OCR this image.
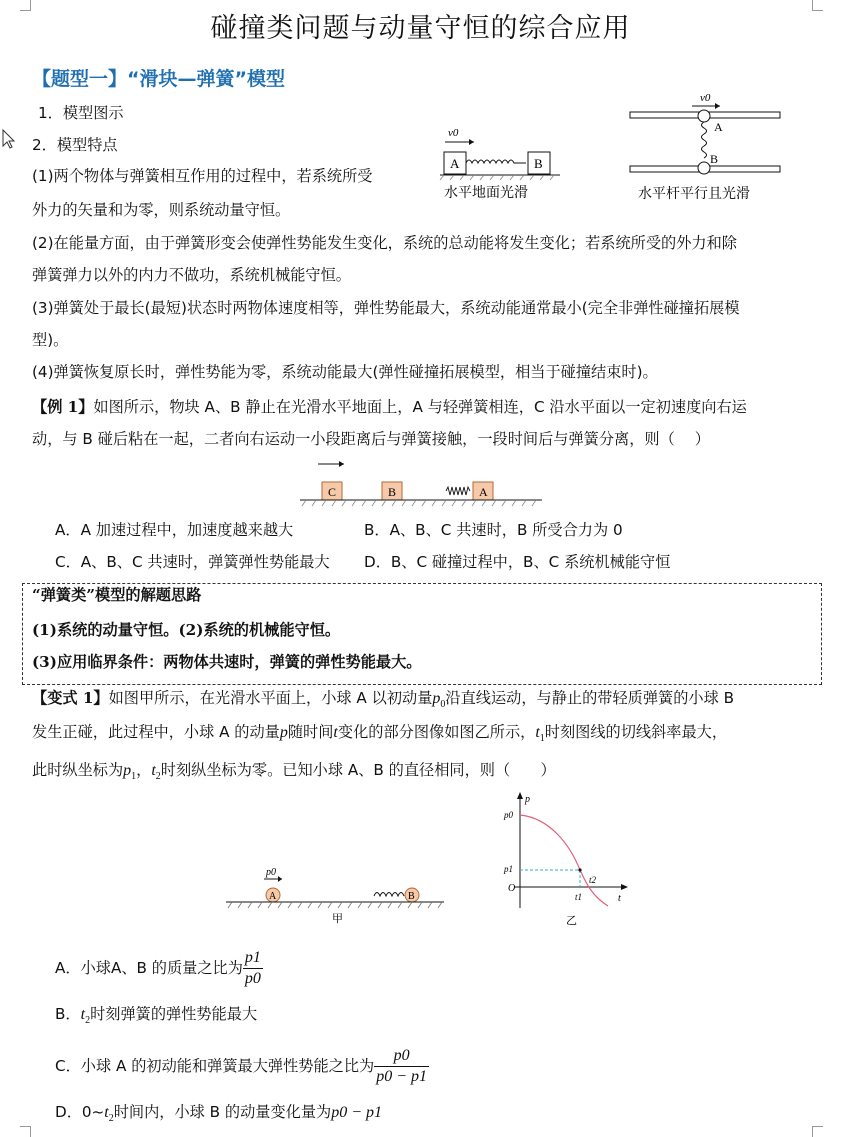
碰撞类问题与动量守恒的综合应用
【题型一】“滑块—弹簧”模型
1．模型图示
2．模型特点
(1)两个物体与弹簧相互作用的过程中，若系统所受
外力的矢量和为零，则系统动量守恒。
(2)在能量方面，由于弹簧形变会使弹性势能发生变化，系统的总动能将发生变化；若系统所受的外力和除
弹簧弹力以外的内力不做功，系统机械能守恒。
(3)弹簧处于最长(最短)状态时两物体速度相等，弹性势能最大，系统动能通常最小(完全非弹性碰撞拓展模
型)。
(4)弹簧恢复原长时，弹性势能为零，系统动能最大(弹性碰撞拓展模型，相当于碰撞结束时)。
v0
A	B
水平地面光滑
v0
A
B
水平杆平行且光滑
【例 1】如图所示，物块 A、B 静止在光滑水平地面上，A 与轻弹簧相连，C 沿水平面以一定初速度向右运
动，与 B 碰后粘在一起，二者向右运动一小段距离后与弹簧接触，一段时间后与弹簧分离，则（　 ）
C	B	A
A．A 加速过程中，加速度越来越大	B．A、B、C 共速时，B 所受合力为 0
C．A、B、C 共速时，弹簧弹性势能最大 D．B、C 碰撞过程中，B、C 系统机械能守恒
“弹簧类”模型的解题思路
(1)系统的动量守恒。(2)系统的机械能守恒。
(3)应用临界条件：两物体共速时，弹簧的弹性势能最大。
【变式 1】如图甲所示，在光滑水平面上，小球 A 以初动量$p_0$沿直线运动，与静止的带轻质弹簧的小球 B
发生正碰，此过程中，小球 A 的动量p随时间t变化的部分图像如图乙所示，$t_1$时刻图线的切线斜率最大，
此时纵坐标为$p_1$，$t_2$时刻纵坐标为零。已知小球 A、B 的直径相同，则（　　）
p0
A	B
甲
p
p0
p1
O
t
t1
t2
乙
A．小球A、B 的质量之比为 $\frac{p1}{p0}$
B．$t_2$时刻弹簧的弹性势能最大
C．小球 A 的初动能和弹簧最大弹性势能之比为 $\frac{p0}{p0 - p1}$
D．$0\sim t_2$时间内，小球 B 的动量变化量为p0 − p1
